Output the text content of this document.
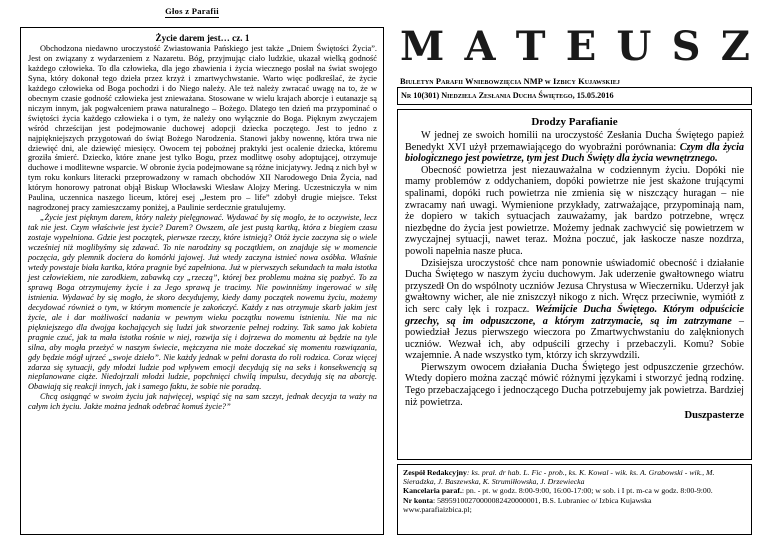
Głos z Parafii
Życie darem jest… cz. 1

Obchodzona niedawno uroczystość Zwiastowania Pańskiego jest także „Dniem Świętości Życia”. Jest on związany z wydarzeniem z Nazaretu. Bóg, przyjmując ciało ludzkie, ukazał wielką godność każdego człowieka. To dla człowieka, dla jego zbawienia i życia wiecznego posłał na świat swojego Syna, który dokonał tego dzieła przez krzyż i zmartwychwstanie. Warto więc podkreślać, że życie każdego człowieka od Boga pochodzi i do Niego należy. Ale też należy zwracać uwagę na to, że w obecnym czasie godność człowieka jest znieważana. Stosowane w wielu krajach aborcje i eutanazje są niczym innym, jak pogwałceniem prawa naturalnego – Bożego. Dlatego ten dzień ma przypominać o świętości życia każdego człowieka i o tym, że należy ono wyłącznie do Boga. Pięknym zwyczajem wśród chrześcijan jest podejmowanie duchowej adopcji dziecka poczętego. Jest to jedno z najpiękniejszych przygotowań do świąt Bożego Narodzenia. Stanowi jakby nowennę, która trwa nie dziewięć dni, ale dziewięć miesięcy. Owocem tej pobożnej praktyki jest ocalenie dziecka, któremu groziła śmierć. Dziecko, które znane jest tylko Bogu, przez modlitwę osoby adoptującej, otrzymuje duchowe i modlitewne wsparcie. W obronie życia podejmowane są różne inicjatywy. Jedną z nich był w tym roku konkurs literacki przeprowadzony w ramach obchodów XII Narodowego Dnia Życia, nad którym honorowy patronat objął Biskup Włocławski Wiesław Alojzy Mering. Uczestniczyła w nim Paulina, uczennica naszego liceum, której esej „Jestem pro – life” zdobył drugie miejsce. Tekst nagrodzonej pracy zamieszczamy poniżej, a Paulinie serdecznie gratulujemy.

„Życie jest pięknym darem, który należy pielęgnować. Wydawać by się mogło, że to oczywiste, lecz tak nie jest. Czym właściwie jest życie? Darem? Owszem, ale jest pustą kartką, która z biegiem czasu zostaje wypełniona. Gdzie jest początek, pierwsze rzeczy, które istnieją? Otóż życie zaczyna się o wiele wcześniej niż moglibyśmy się zdawać. To nie narodziny są początkiem, on znajduje się w momencie poczęcia, gdy plemnik dociera do komórki jajowej. Już wtedy zaczyna istnieć nowa osóbka. Właśnie wtedy powstaje biała kartka, która pragnie być zapełniona. Już w pierwszych sekundach ta mała istotka jest człowiekiem, nie zarodkiem, zabawką czy „rzeczą”, której bez problemu można się pozbyć. To za sprawą Boga otrzymujemy życie i za Jego sprawą je tracimy. Nie powinniśmy ingerować w siłę istnienia. Wydawać by się mogło, że skoro decydujemy, kiedy damy początek nowemu życiu, możemy decydować również o tym, w którym momencie je zakończyć. Każdy z nas otrzymuje skarb jakim jest życie, ale i dar możliwości nadania w pewnym wieku początku nowemu istnieniu. Nie ma nic piękniejszego dla dwojga kochających się ludzi jak stworzenie pełnej rodziny. Tak samo jak kobieta pragnie czuć, jak ta mała istotka rośnie w niej, rozwija się i dojrzewa do momentu aż będzie na tyle silna, aby mogła przeżyć w naszym świecie, mężczyzna nie może doczekać się momentu rozwiązania, gdy będzie mógł ujrzeć „swoje dzieło”. Nie każdy jednak w pełni dorasta do roli rodzica. Coraz więcej zdarza się sytuacji, gdy młodzi ludzie pod wpływem emocji decydują się na seks i konsekwencją są nieplanowane ciąże. Niedojrzali młodzi ludzie, popchnięci chwilą impulsu, decydują się na aborcję. Obawiają się reakcji innych, jak i samego faktu, że sobie nie poradzą.

Chcą osiągnąć w swoim życiu jak najwięcej, wspiąć się na sam szczyt, jednak decyzja ta waży na całym ich życiu. Jakże można jednak odebrać komuś życie?”

M A T E U S Z
Biuletyn Parafii Wniebowzięcia NMP w Izbicy Kujawskiej
Nr 10(301) Niedziela Zesłania Ducha Świętego, 15.05.2016
Drodzy Parafianie

W jednej ze swoich homilii na uroczystość Zesłania Ducha Świętego papież Benedykt XVI użył przemawiającego do wyobraźni porównania: Czym dla życia biologicznego jest powietrze, tym jest Duch Święty dla życia wewnętrznego.

Obecność powietrza jest niezauważalna w codziennym życiu. Dopóki nie mamy problemów z oddychaniem, dopóki powietrze nie jest skażone trującymi spalinami, dopóki ruch powietrza nie zmienia się w niszczący huragan – nie zwracamy nań uwagi. Wymienione przykłady, zatrważające, przypominają nam, że dopiero w takich sytuacjach zauważamy, jak bardzo potrzebne, wręcz niezbędne do życia jest powietrze. Możemy jednak zachwycić się powietrzem w zwyczajnej sytuacji, nawet teraz. Można poczuć, jak łaskocze nasze nozdrza, powoli napełnia nasze płuca.

Dzisiejsza uroczystość chce nam ponownie uświadomić obecność i działanie Ducha Świętego w naszym życiu duchowym. Jak uderzenie gwałtownego wiatru przyszedł On do wspólnoty uczniów Jezusa Chrystusa w Wieczerniku. Uderzył jak gwałtowny wicher, ale nie zniszczył nikogo z nich. Wręcz przeciwnie, wymiótł z ich serc cały lęk i rozpacz. Weźmijcie Ducha Świętego. Którym odpuścicie grzechy, są im odpuszczone, a którym zatrzymacie, są im zatrzymane – powiedział Jezus pierwszego wieczora po Zmartwychwstaniu do zalęknionych uczniów. Wezwał ich, aby odpuścili grzechy i przebaczyli. Komu? Sobie wzajemnie. A nade wszystko tym, którzy ich skrzywdzili.

Pierwszym owocem działania Ducha Świętego jest odpuszczenie grzechów. Wtedy dopiero można zacząć mówić różnymi językami i stworzyć jedną rodzinę. Tego przebaczającego i jednoczącego Ducha potrzebujemy jak powietrza. Bardziej niż powietrza.

Duszpasterze
Zespół Redakcyjny: ks. prał. dr hab. L. Fic - prob., ks. K. Kowal - wik. ks. A. Grabowski - wik., M. Sieradzka, J. Baszewska, K. Strumiłłowska, J. Drzewiecka
Kancelaria paraf.: pn. - pt. w godz. 8:00-9:00, 16:00-17:00; w sob. i I pt. m-ca w godz. 8:00-9:00.
Nr konta: 58959100270000082420000001, B.S. Lubraniec o/ Izbica Kujawska
www.parafiaizbica.pl;
